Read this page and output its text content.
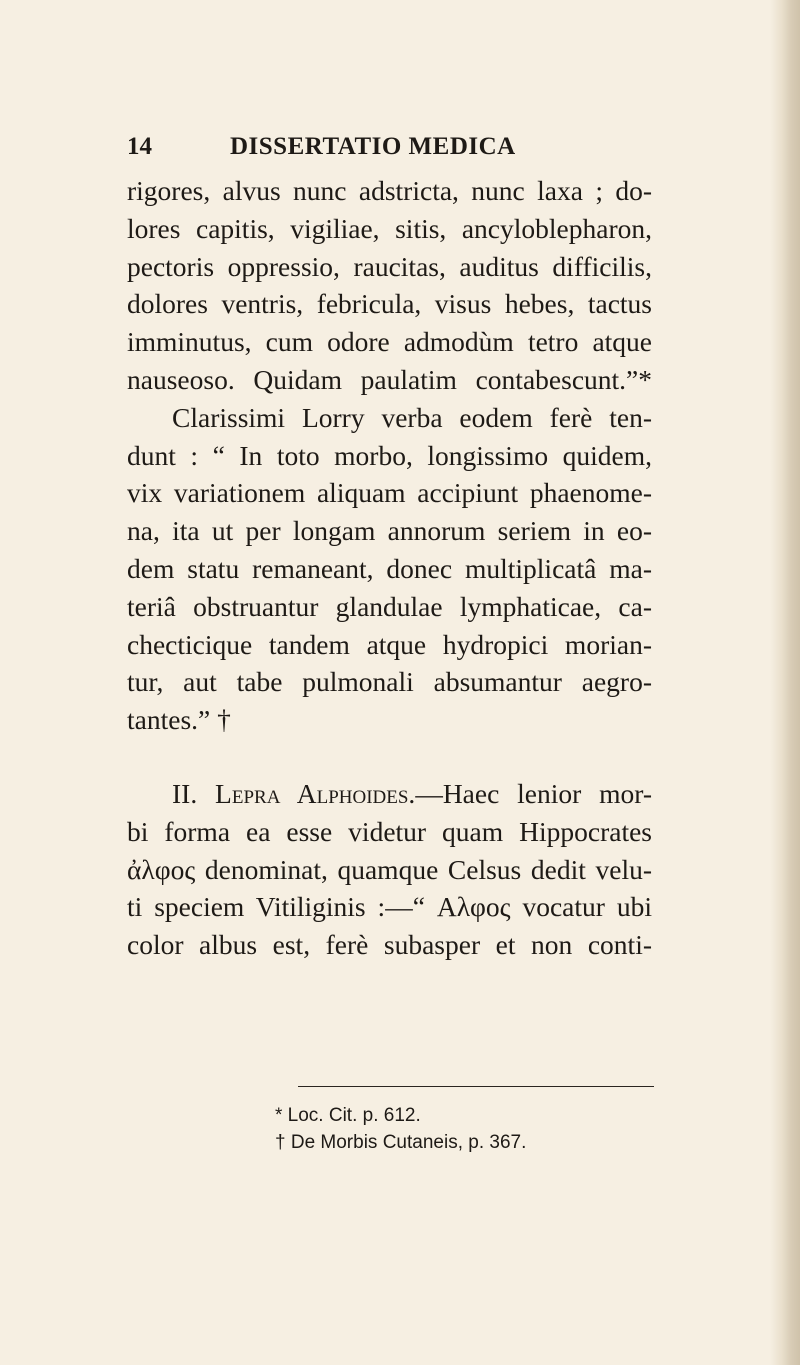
14	DISSERTATIO MEDICA
rigores, alvus nunc adstricta, nunc laxa ; do-
lores capitis, vigiliae, sitis, ancyloblepharon,
pectoris oppressio, raucitas, auditus difficilis,
dolores ventris, febricula, visus hebes, tactus
imminutus, cum odore admodùm tetro atque
nauseoso. Quidam paulatim contabescunt.”*
Clarissimi Lorry verba eodem ferè ten-
dunt : “ In toto morbo, longissimo quidem,
vix variationem aliquam accipiunt phaenome-
na, ita ut per longam annorum seriem in eo-
dem statu remaneant, donec multiplicatâ ma-
teriâ obstruantur glandulae lymphaticae, ca-
checticique tandem atque hydropici morian-
tur, aut tabe pulmonali absumantur aegro-
tantes.” †
II. Lepra Alphoides.—Haec lenior mor-
bi forma ea esse videtur quam Hippocrates
ἀλφος denominat, quamque Celsus dedit velu-
ti speciem Vitiliginis :—“ Αλφος vocatur ubi
color albus est, ferè subasper et non conti-
* Loc. Cit. p. 612.
† De Morbis Cutaneis, p. 367.
